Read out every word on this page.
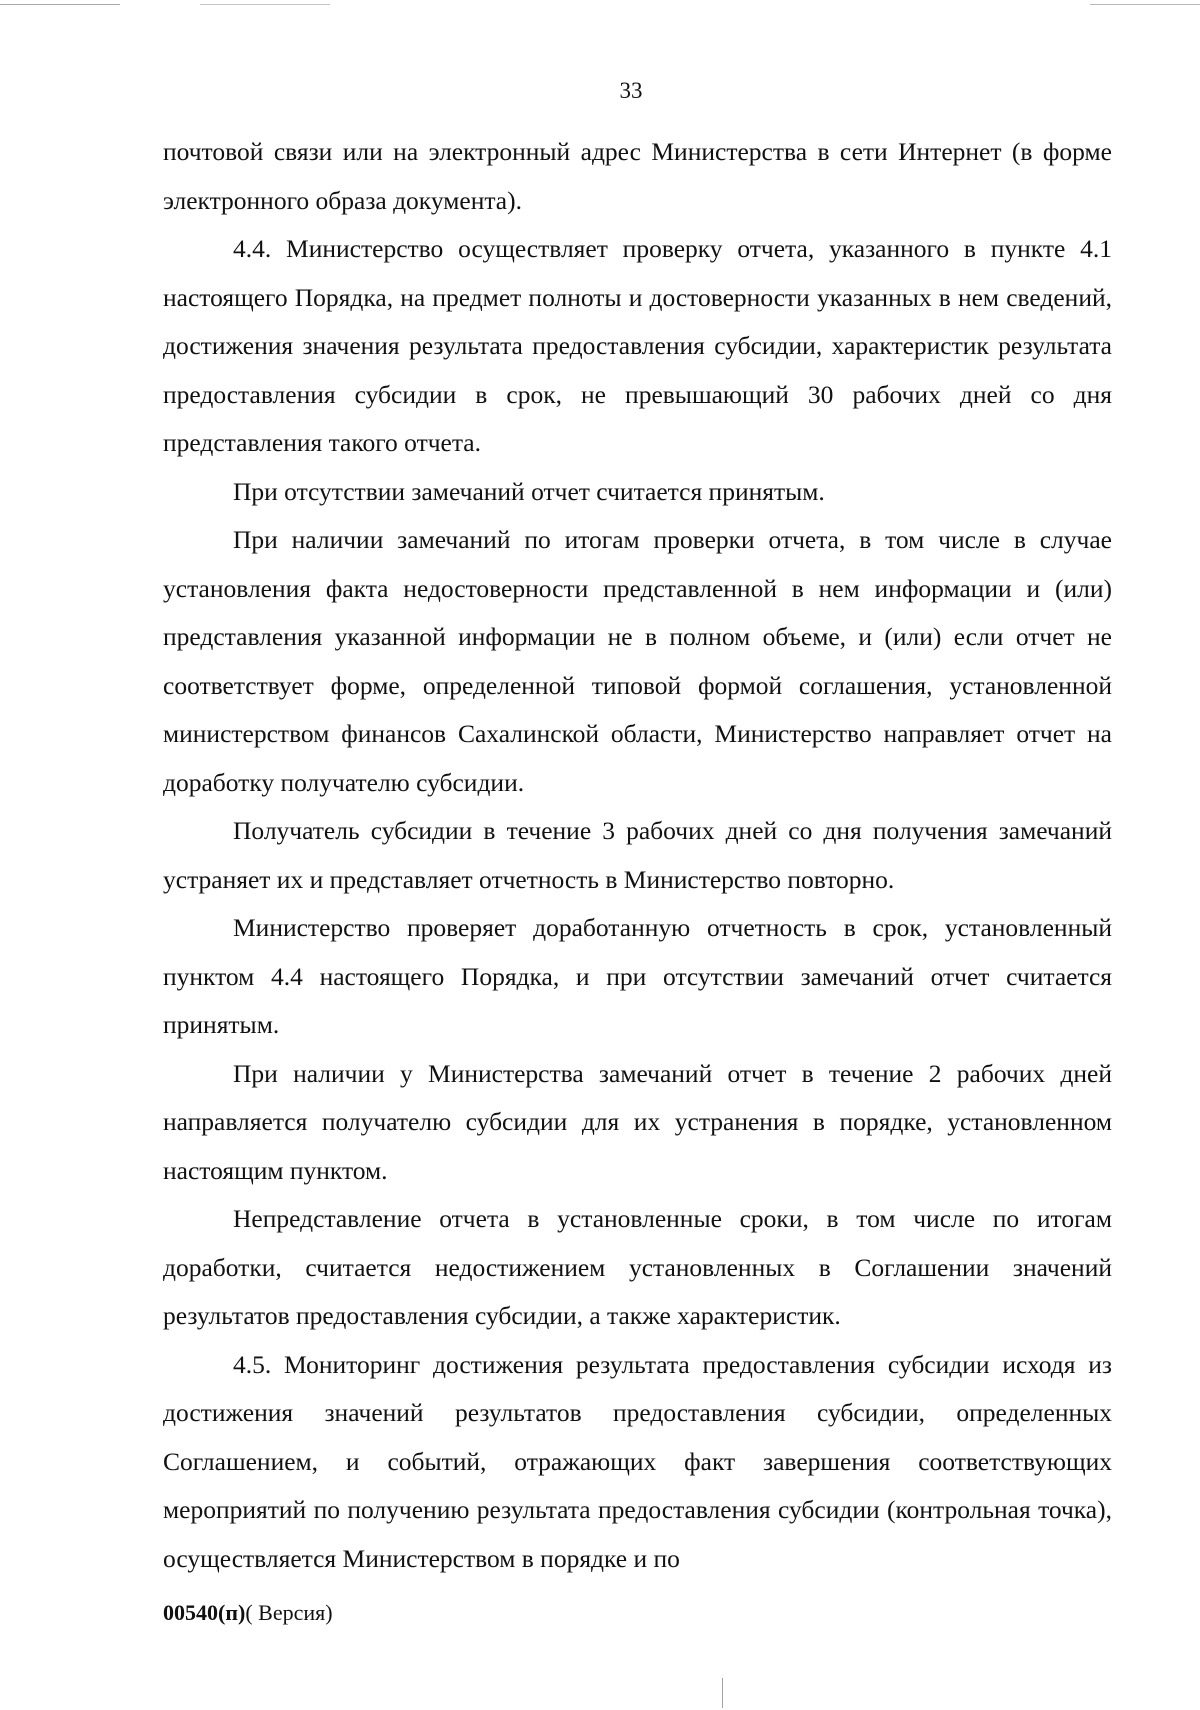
33

почтовой связи или на электронный адрес Министерства в сети Интернет (в форме электронного образа документа).

4.4. Министерство осуществляет проверку отчета, указанного в пункте 4.1 настоящего Порядка, на предмет полноты и достоверности указанных в нем сведений, достижения значения результата предоставления субсидии, характеристик результата предоставления субсидии в срок, не превышающий 30 рабочих дней со дня представления такого отчета.

При отсутствии замечаний отчет считается принятым.

При наличии замечаний по итогам проверки отчета, в том числе в случае установления факта недостоверности представленной в нем информации и (или) представления указанной информации не в полном объеме, и (или) если отчет не соответствует форме, определенной типовой формой соглашения, установленной министерством финансов Сахалинской области, Министерство направляет отчет на доработку получателю субсидии.

Получатель субсидии в течение 3 рабочих дней со дня получения замечаний устраняет их и представляет отчетность в Министерство повторно.

Министерство проверяет доработанную отчетность в срок, установленный пунктом 4.4 настоящего Порядка, и при отсутствии замечаний отчет считается принятым.

При наличии у Министерства замечаний отчет в течение 2 рабочих дней направляется получателю субсидии для их устранения в порядке, установленном настоящим пунктом.

Непредставление отчета в установленные сроки, в том числе по итогам доработки, считается недостижением установленных в Соглашении значений результатов предоставления субсидии, а также характеристик.

4.5. Мониторинг достижения результата предоставления субсидии исходя из достижения значений результатов предоставления субсидии, определенных Соглашением, и событий, отражающих факт завершения соответствующих мероприятий по получению результата предоставления субсидии (контрольная точка), осуществляется Министерством в порядке и по

00540(п)( Версия)
